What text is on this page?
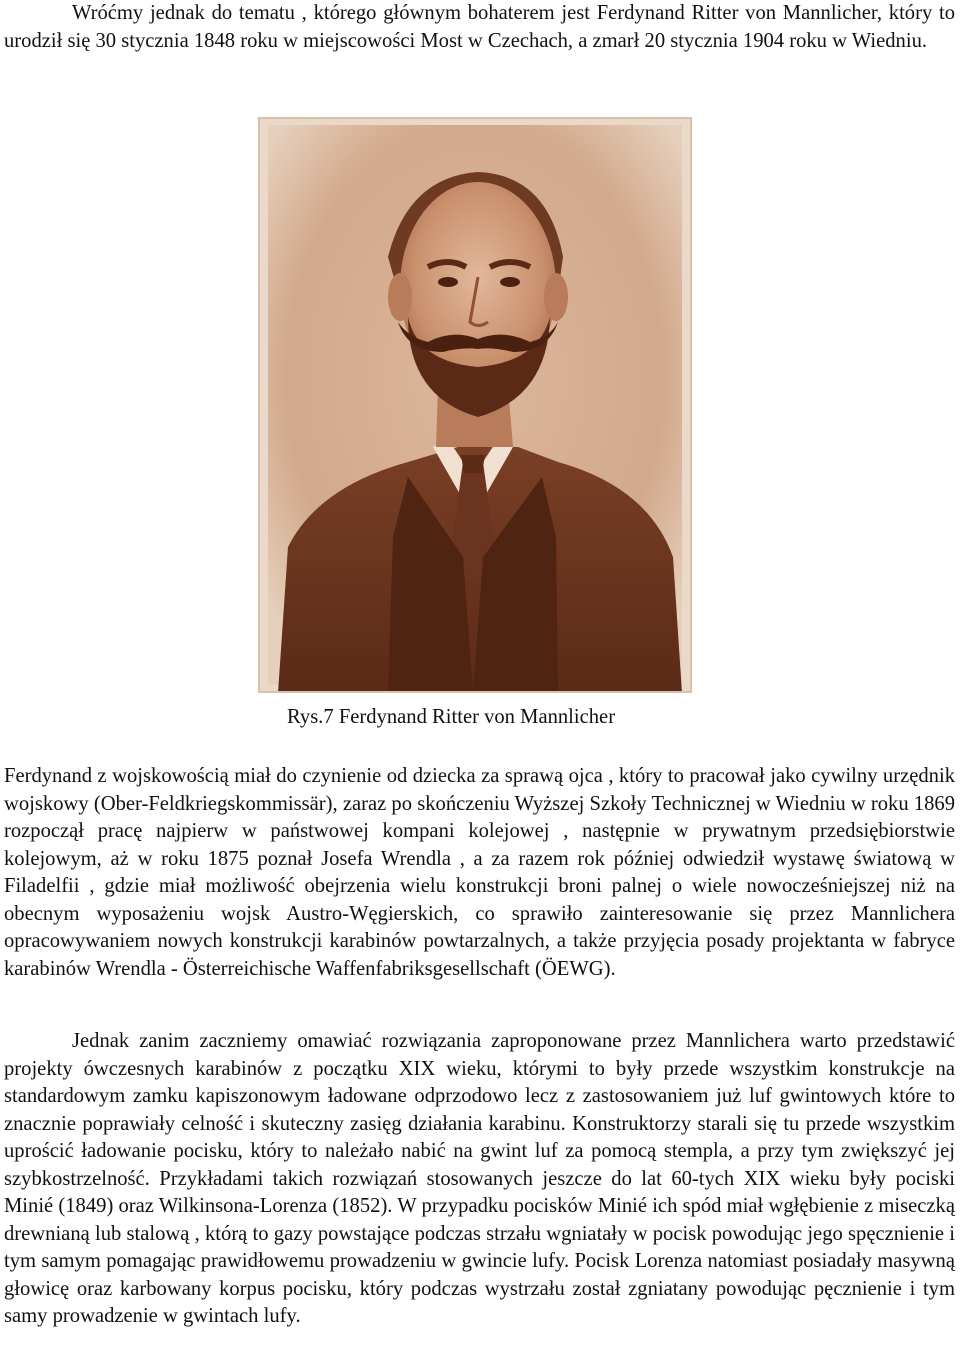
Wróćmy jednak do tematu , którego głównym bohaterem jest Ferdynand Ritter von Mannlicher, który to urodził się 30 stycznia 1848 roku w miejscowości Most w Czechach, a zmarł 20 stycznia 1904 roku w Wiedniu.

Rys.7 Ferdynand Ritter von Mannlicher

Ferdynand z wojskowością miał do czynienie od dziecka za sprawą ojca , który to pracował jako cywilny urzędnik wojskowy (Ober-Feldkriegskommissär), zaraz po skończeniu Wyższej Szkoły Technicznej w Wiedniu w roku 1869 rozpoczął pracę najpierw w państwowej kompani kolejowej , następnie w prywatnym przedsiębiorstwie kolejowym, aż w roku 1875 poznał Josefa Wrendla , a za razem rok później odwiedził wystawę światową w Filadelfii , gdzie miał możliwość obejrzenia wielu konstrukcji broni palnej o wiele nowocześniejszej niż na obecnym wyposażeniu wojsk Austro-Węgierskich, co sprawiło zainteresowanie się przez Mannlichera opracowywaniem nowych konstrukcji karabinów powtarzalnych, a także przyjęcia posady projektanta w fabryce karabinów Wrendla - Österreichische Waffenfabriksgesellschaft (ÖEWG).

Jednak zanim zaczniemy omawiać rozwiązania zaproponowane przez Mannlichera warto przedstawić projekty ówczesnych karabinów z początku XIX wieku, którymi to były przede wszystkim konstrukcje na standardowym zamku kapiszonowym ładowane odprzodowo lecz z zastosowaniem już luf gwintowych które to znacznie poprawiały celność i skuteczny zasięg działania karabinu. Konstruktorzy starali się tu przede wszystkim uprościć ładowanie pocisku, który to należało nabić na gwint luf za pomocą stempla, a przy tym zwiększyć jej szybkostrzelność. Przykładami takich rozwiązań stosowanych jeszcze do lat 60-tych XIX wieku były pociski Minié (1849) oraz Wilkinsona-Lorenza (1852). W przypadku pocisków Minié ich spód miał wgłębienie z miseczką drewnianą lub stalową , którą to gazy powstające podczas strzału wgniatały w pocisk powodując jego spęcznienie i tym samym pomagając prawidłowemu prowadzeniu w gwincie lufy. Pocisk Lorenza natomiast posiadały masywną głowicę oraz karbowany korpus pocisku, który podczas wystrzału został zgniatany powodując pęcznienie i tym samy prowadzenie w gwintach lufy.
